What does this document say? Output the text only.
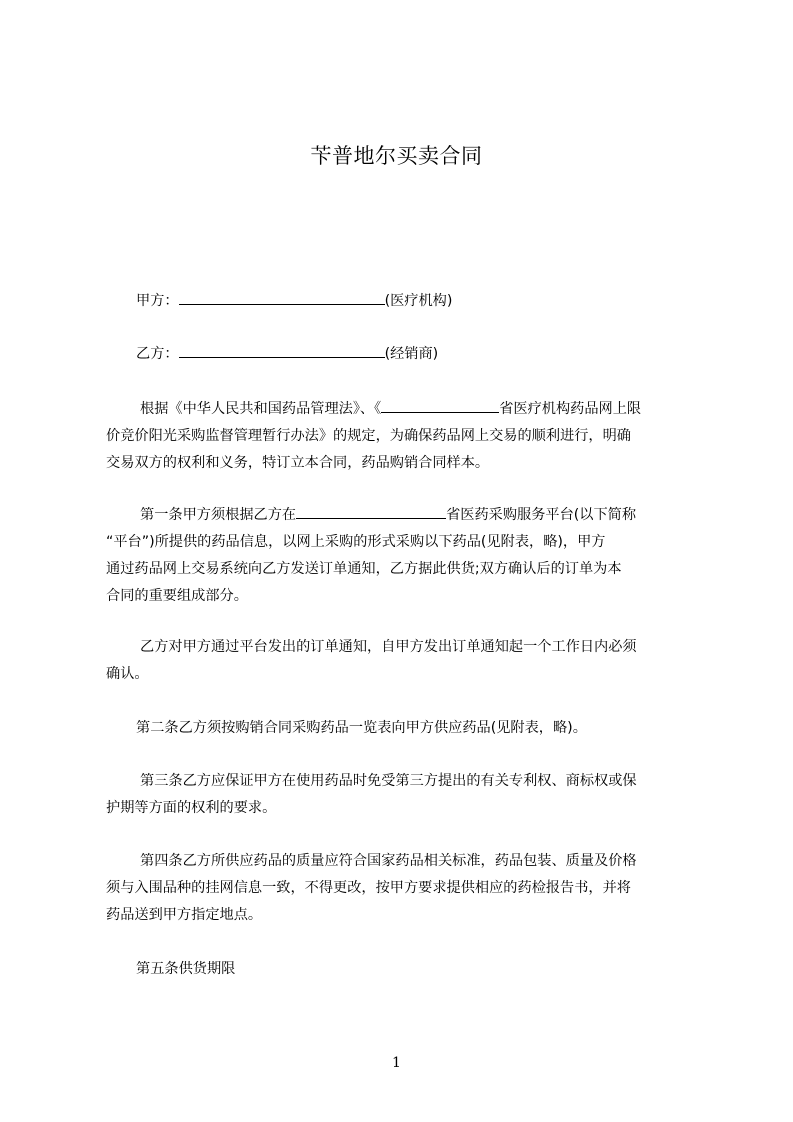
苄普地尔买卖合同
甲方：	(医疗机构)
乙方：	(经销商)
根据《中华人民共和国药品管理法》、《	省医疗机构药品网上限
价竞价阳光采购监督管理暂行办法》的规定，为确保药品网上交易的顺利进行，明确
交易双方的权利和义务，特订立本合同，药品购销合同样本。
第一条甲方须根据乙方在	省医药采购服务平台(以下简称
“平台”)所提供的药品信息，以网上采购的形式采购以下药品(见附表，略)，甲方
通过药品网上交易系统向乙方发送订单通知，乙方据此供货;双方确认后的订单为本
合同的重要组成部分。
乙方对甲方通过平台发出的订单通知，自甲方发出订单通知起一个工作日内必须
确认。
第二条乙方须按购销合同采购药品一览表向甲方供应药品(见附表，略)。
第三条乙方应保证甲方在使用药品时免受第三方提出的有关专利权、商标权或保
护期等方面的权利的要求。
第四条乙方所供应药品的质量应符合国家药品相关标准，药品包装、质量及价格
须与入围品种的挂网信息一致，不得更改，按甲方要求提供相应的药检报告书，并将
药品送到甲方指定地点。
第五条供货期限
1
